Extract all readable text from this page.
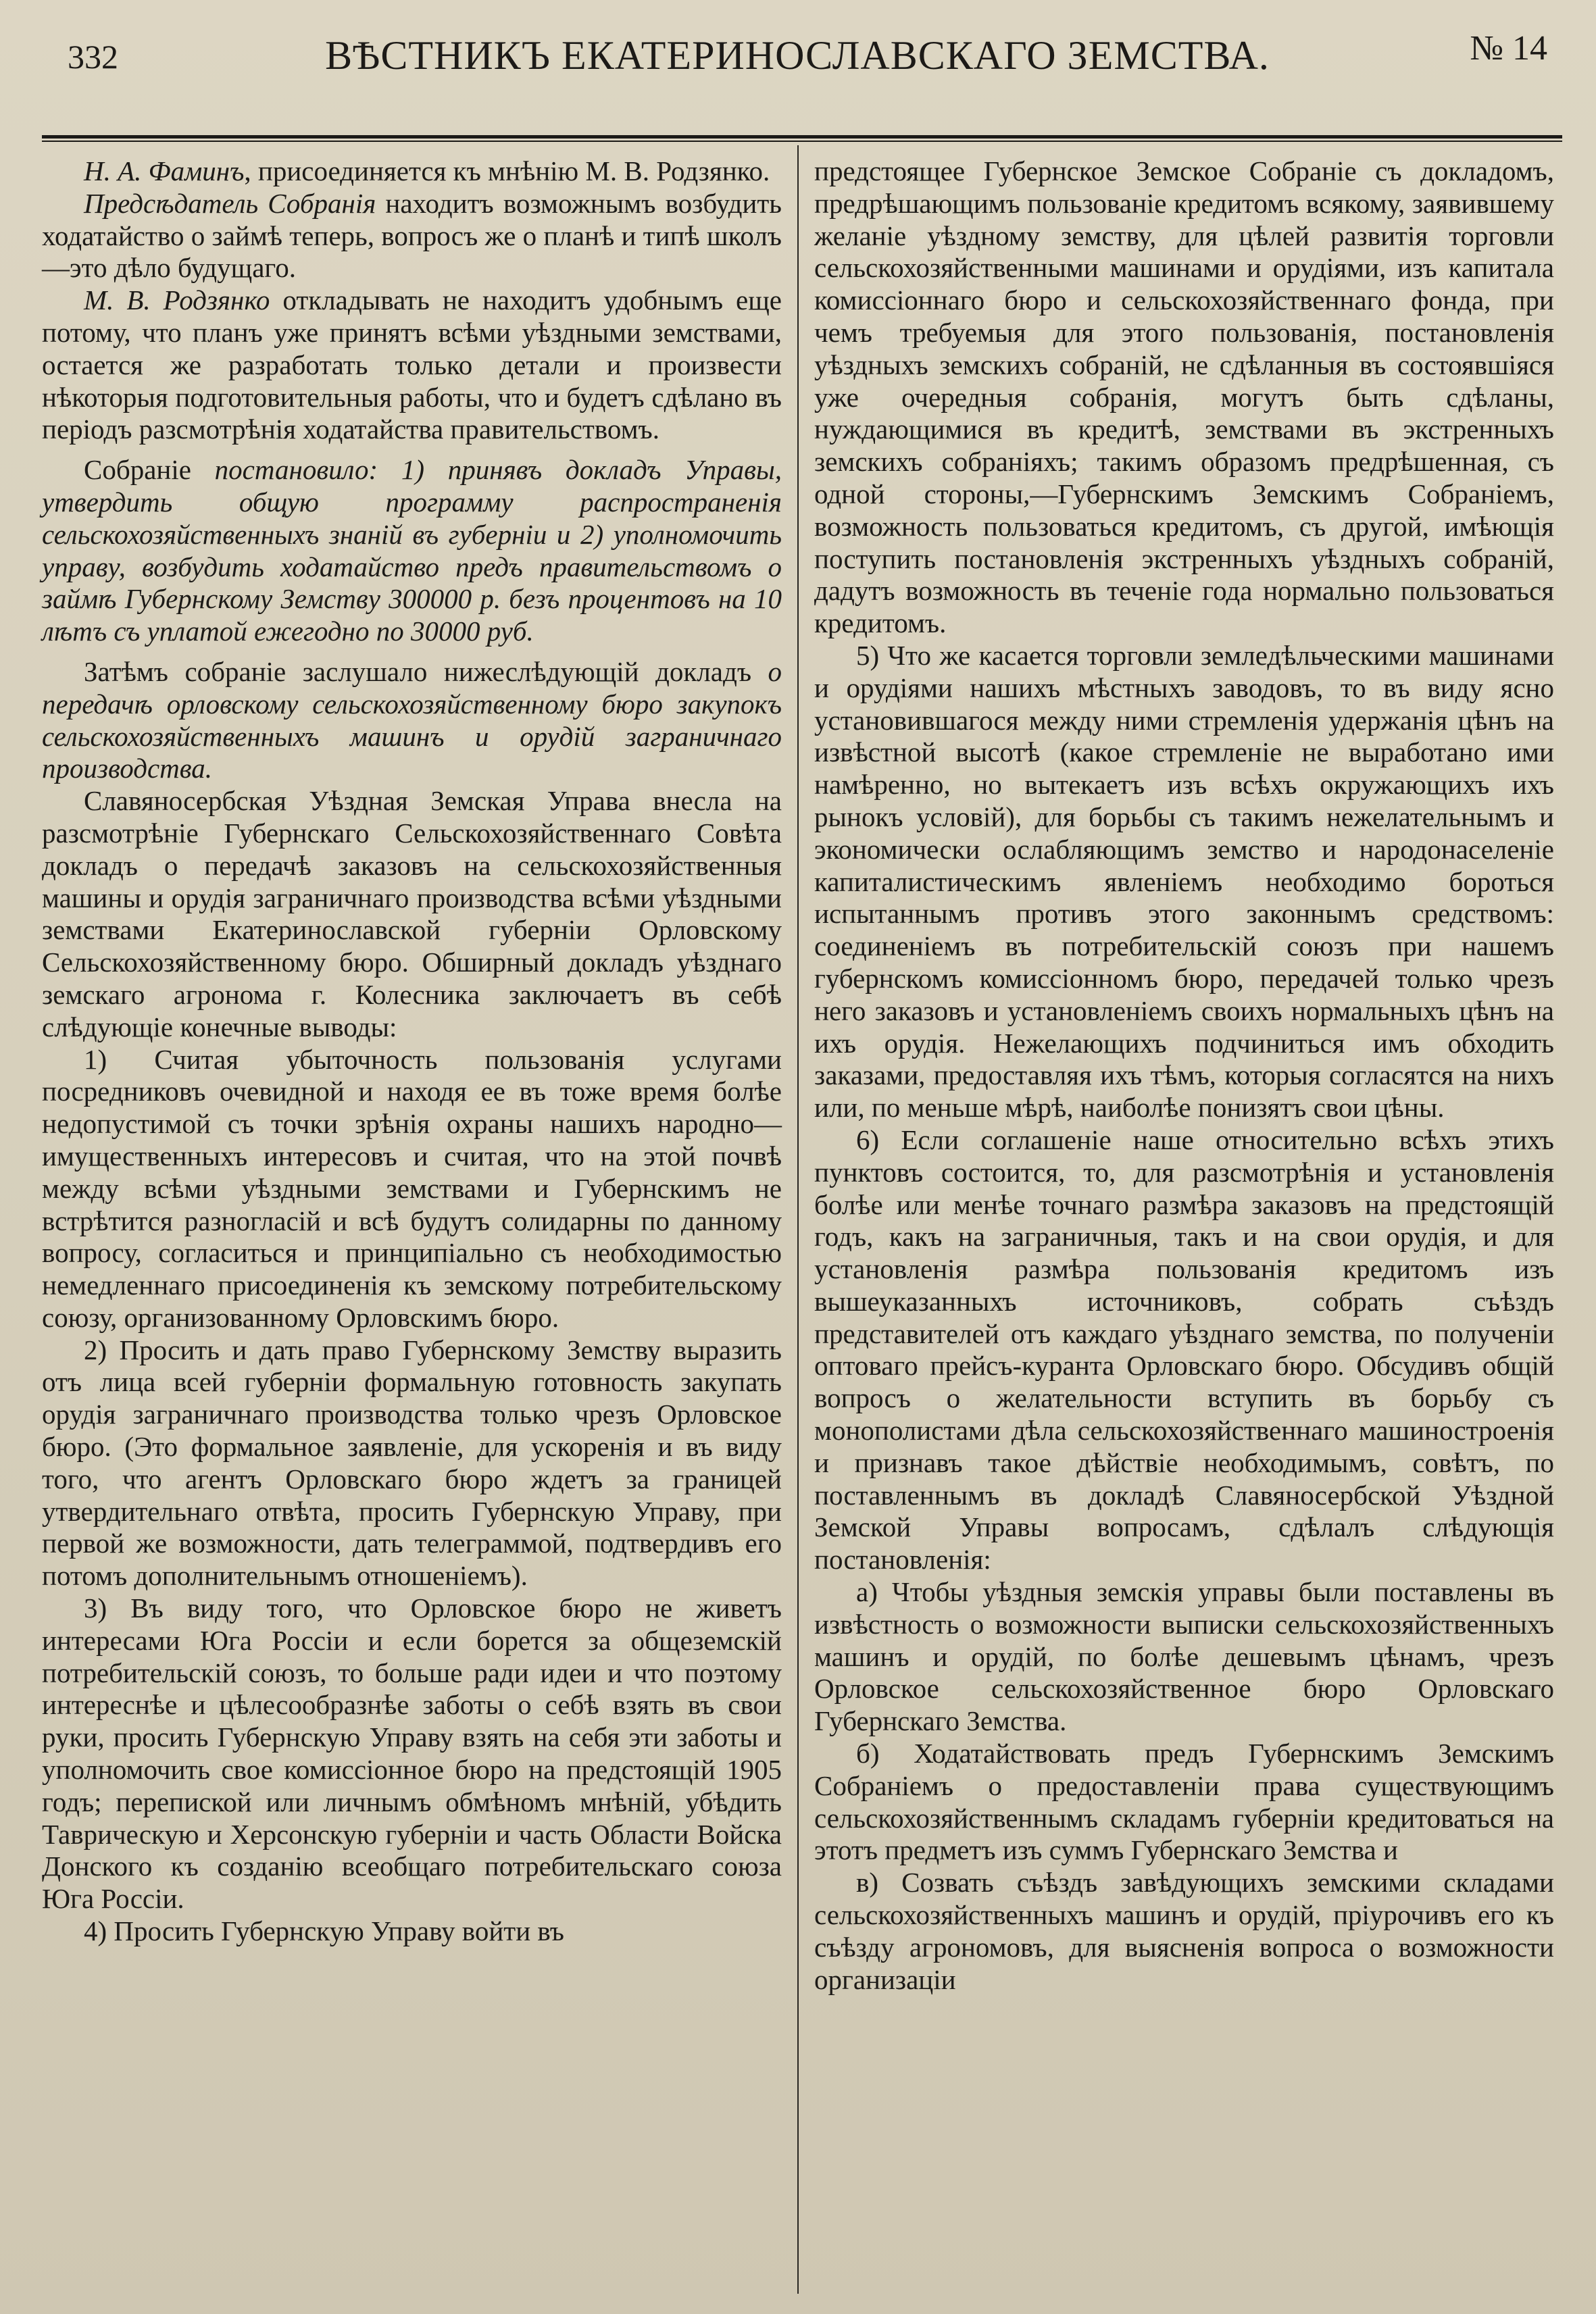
ВѢСТНИКЪ ЕКАТЕРИНОСЛАВСКАГО ЗЕМСТВА.	№ 14
332

Н. А. Фаминъ, присоединяется къ мнѣнію М. В. Родзянко.

Предсѣдатель Собранія находитъ возможнымъ возбудить ходатайство о займѣ теперь, вопросъ же о планѣ и типѣ школъ—это дѣло будущаго.

М. В. Родзянко откладывать не находитъ удобнымъ еще потому, что планъ уже принятъ всѣми уѣздными земствами, остается же разработать только детали и произвести нѣкоторыя подготовительныя работы, что и будетъ сдѣлано въ періодъ разсмотрѣнія ходатайства правительствомъ.

Собраніе постановило: 1) принявъ докладъ Управы, утвердить общую программу распространенія сельскохозяйственныхъ знаній въ губерніи и 2) уполномочить управу, возбудить ходатайство предъ правительствомъ о займѣ Губернскому Земству 300000 р. безъ процентовъ на 10 лѣтъ съ уплатой ежегодно по 30000 руб.

Затѣмъ собраніе заслушало нижеслѣдующій докладъ о передачѣ орловскому сельскохозяйственному бюро закупокъ сельскохозяйственныхъ машинъ и орудій заграничнаго производства.

Славяносербская Уѣздная Земская Управа внесла на разсмотрѣніе Губернскаго Сельскохозяйственнаго Совѣта докладъ о передачѣ заказовъ на сельскохозяйственныя машины и орудія заграничнаго производства всѣми уѣздными земствами Екатеринославской губерніи Орловскому Сельскохозяйственному бюро. Обширный докладъ уѣзднаго земскаго агронома г. Колесника заключаетъ въ себѣ слѣдующіе конечные выводы:

1) Считая убыточность пользованія услугами посредниковъ очевидной и находя ее въ тоже время болѣе недопустимой съ точки зрѣнія охраны нашихъ народно—имущественныхъ интересовъ и считая, что на этой почвѣ между всѣми уѣздными земствами и Губернскимъ не встрѣтится разногласій и всѣ будутъ солидарны по данному вопросу, согласиться и принципіально съ необходимостью немедленнаго присоединенія къ земскому потребительскому союзу, организованному Орловскимъ бюро.

2) Просить и дать право Губернскому Земству выразить отъ лица всей губерніи формальную готовность закупать орудія заграничнаго производства только чрезъ Орловское бюро. (Это формальное заявленіе, для ускоренія и въ виду того, что агентъ Орловскаго бюро ждетъ за границей утвердительнаго отвѣта, просить Губернскую Управу, при первой же возможности, дать телеграммой, подтвердивъ его потомъ дополнительнымъ отношеніемъ).

3) Въ виду того, что Орловское бюро не живетъ интересами Юга Россіи и если борется за общеземскій потребительскій союзъ, то больше ради идеи и что поэтому интереснѣе и цѣлесообразнѣе заботы о себѣ взять въ свои руки, просить Губернскую Управу взять на себя эти заботы и уполномочить свое комиссіонное бюро на предстоящій 1905 годъ; перепиской или личнымъ обмѣномъ мнѣній, убѣдить Таврическую и Херсонскую губерніи и часть Области Войска Донского къ созданію всеобщаго потребительскаго союза Юга Россіи.

4) Просить Губернскую Управу войти въ

предстоящее Губернское Земское Собраніе съ докладомъ, предрѣшающимъ пользованіе кредитомъ всякому, заявившему желаніе уѣздному земству, для цѣлей развитія торговли сельскохозяйственными машинами и орудіями, изъ капитала комиссіоннаго бюро и сельскохозяйственнаго фонда, при чемъ требуемыя для этого пользованія, постановленія уѣздныхъ земскихъ собраній, не сдѣланныя въ состоявшіяся уже очередныя собранія, могутъ быть сдѣланы, нуждающимися въ кредитѣ, земствами въ экстренныхъ земскихъ собраніяхъ; такимъ образомъ предрѣшенная, съ одной стороны,—Губернскимъ Земскимъ Собраніемъ, возможность пользоваться кредитомъ, съ другой, имѣющія поступить постановленія экстренныхъ уѣздныхъ собраній, дадутъ возможность въ теченіе года нормально пользоваться кредитомъ.

5) Что же касается торговли земледѣльческими машинами и орудіями нашихъ мѣстныхъ заводовъ, то въ виду ясно установившагося между ними стремленія удержанія цѣнъ на извѣстной высотѣ (какое стремленіе не выработано ими намѣренно, но вытекаетъ изъ всѣхъ окружающихъ ихъ рынокъ условій), для борьбы съ такимъ нежелательнымъ и экономически ослабляющимъ земство и народонаселеніе капиталистическимъ явленіемъ необходимо бороться испытаннымъ противъ этого законнымъ средствомъ: соединеніемъ въ потребительскій союзъ при нашемъ губернскомъ комиссіонномъ бюро, передачей только чрезъ него заказовъ и установленіемъ своихъ нормальныхъ цѣнъ на ихъ орудія. Нежелающихъ подчиниться имъ обходить заказами, предоставляя ихъ тѣмъ, которыя согласятся на нихъ или, по меньше мѣрѣ, наиболѣе понизятъ свои цѣны.

6) Если соглашеніе наше относительно всѣхъ этихъ пунктовъ состоится, то, для разсмотрѣнія и установленія болѣе или менѣе точнаго размѣра заказовъ на предстоящій годъ, какъ на заграничныя, такъ и на свои орудія, и для установленія размѣра пользованія кредитомъ изъ вышеуказанныхъ источниковъ, собрать съѣздъ представителей отъ каждаго уѣзднаго земства, по полученіи оптоваго прейсъ-куранта Орловскаго бюро. Обсудивъ общій вопросъ о желательности вступить въ борьбу съ монополистами дѣла сельскохозяйственнаго машиностроенія и признавъ такое дѣйствіе необходимымъ, совѣтъ, по поставленнымъ въ докладѣ Славяносербской Уѣздной Земской Управы вопросамъ, сдѣлалъ слѣдующія постановленія:

а) Чтобы уѣздныя земскія управы были поставлены въ извѣстность о возможности выписки сельскохозяйственныхъ машинъ и орудій, по болѣе дешевымъ цѣнамъ, чрезъ Орловское сельскохозяйственное бюро Орловскаго Губернскаго Земства.

б) Ходатайствовать предъ Губернскимъ Земскимъ Собраніемъ о предоставленіи права существующимъ сельскохозяйственнымъ складамъ губерніи кредитоваться на этотъ предметъ изъ суммъ Губернскаго Земства и

в) Созвать съѣздъ завѣдующихъ земскими складами сельскохозяйственныхъ машинъ и орудій, пріурочивъ его къ съѣзду агрономовъ, для выясненія вопроса о возможности организаціи
